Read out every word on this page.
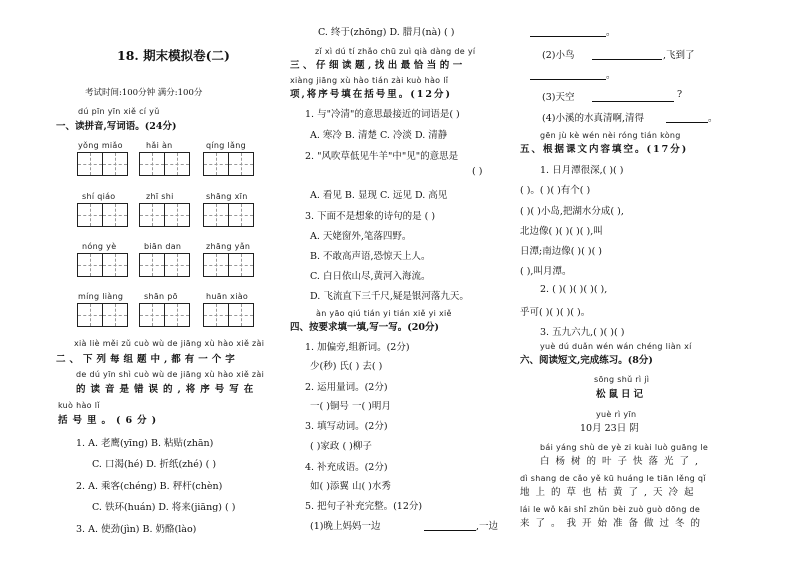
18. 期末模拟卷(二)
考试时间:100分钟 满分:100分
dú pīn yīn xiě cí yǔ
一、读拼音,写词语。(24分)
yǒng miǎo	hǎi àn	qíng lǎng
shí qiáo	zhī shi	shāng xīn
nóng yè	biān dan	zhāng yǎn
míng liàng	shān pō	huān xiào
xià liè měi zǔ cuò wù de jiāng xù hào xiě zài
二、下列每组题中,都有一个字
de dú yīn shì cuò wù de jiāng xù hào xiě zài
的读音是错误的,将序号写在
kuò hào lǐ
括号里。(6分)
1. A. 老鹰(yīng) B. 粘贴(zhān)
C. 口渴(hé) D. 折纸(zhé) ( )
2. A. 乘客(chéng) B. 秤杆(chèn)
C. 铁环(huán) D. 将来(jiāng) ( )
3. A. 使劲(jìn) B. 奶酪(lào)
C. 终于(zhōng) D. 腊月(nà) ( )
zǐ xì dú tí zhǎo chū zuì qià dàng de yí
三、仔细读题,找出最恰当的一
xiàng jiāng xù hào tián zài kuò hào lǐ
项,将序号填在括号里。(12分)
1. 与"冷清"的意思最接近的词语是( )
A. 寒冷 B. 清楚 C. 冷淡 D. 清静
2. "风吹草低见牛羊"中"见"的意思是
( )
A. 看见 B. 显现 C. 远见 D. 高见
3. 下面不是想象的诗句的是 ( )
A. 天姥窗外,笔落四野。
B. 不敢高声语,恐惊天上人。
C. 白日依山尽,黄河入海流。
D. 飞流直下三千尺,疑是银河落九天。
àn yāo qiú tián yi tián xiě yi xiě
四、按要求填一填,写一写。(20分)
1. 加偏旁,组新词。(2分)
少(秒) 氏( ) 去( )
2. 运用量词。(2分)
一( )铜号 一( )明月
3. 填写动词。(2分)
( )家政 ( )柳子
4. 补充成语。(2分)
如( )添翼 山( )水秀
5. 把句子补充完整。(12分)
(1)晚上妈妈一边	,一边
。
(2)小鸟	,飞到了
。
(3)天空	?
(4)小溪的水真清啊,清得	。
gēn jù kè wén nèi róng tián kòng
五、根据课文内容填空。(17分)
1. 日月潭很深,( )( )
( )。( )( )有个( )
( )( )小岛,把湖水分成( ),
北边像( )( )( )( ),叫
日潭;南边像( )( )( )
( ),叫月潭。
2. ( )( )( )( )( ),
乎可( )( )( )( )。
3. 五九六九,( )( )( )
yuè dú duǎn wén wán chéng liàn xí
六、阅读短文,完成练习。(8分)
sōng shǔ rì jì
松鼠日记
yuè rì yīn
10月 23日 阴
bái yáng shù de yè zi kuài luò guāng le
白杨树的叶子快落光了,
dì shang de cǎo yě kū huáng le tiān lěng qǐ
地上的草也枯黄了,天冷起
lái le wǒ kāi shǐ zhǔn bèi zuò guò dōng de
来了。我开始准备做过冬的
